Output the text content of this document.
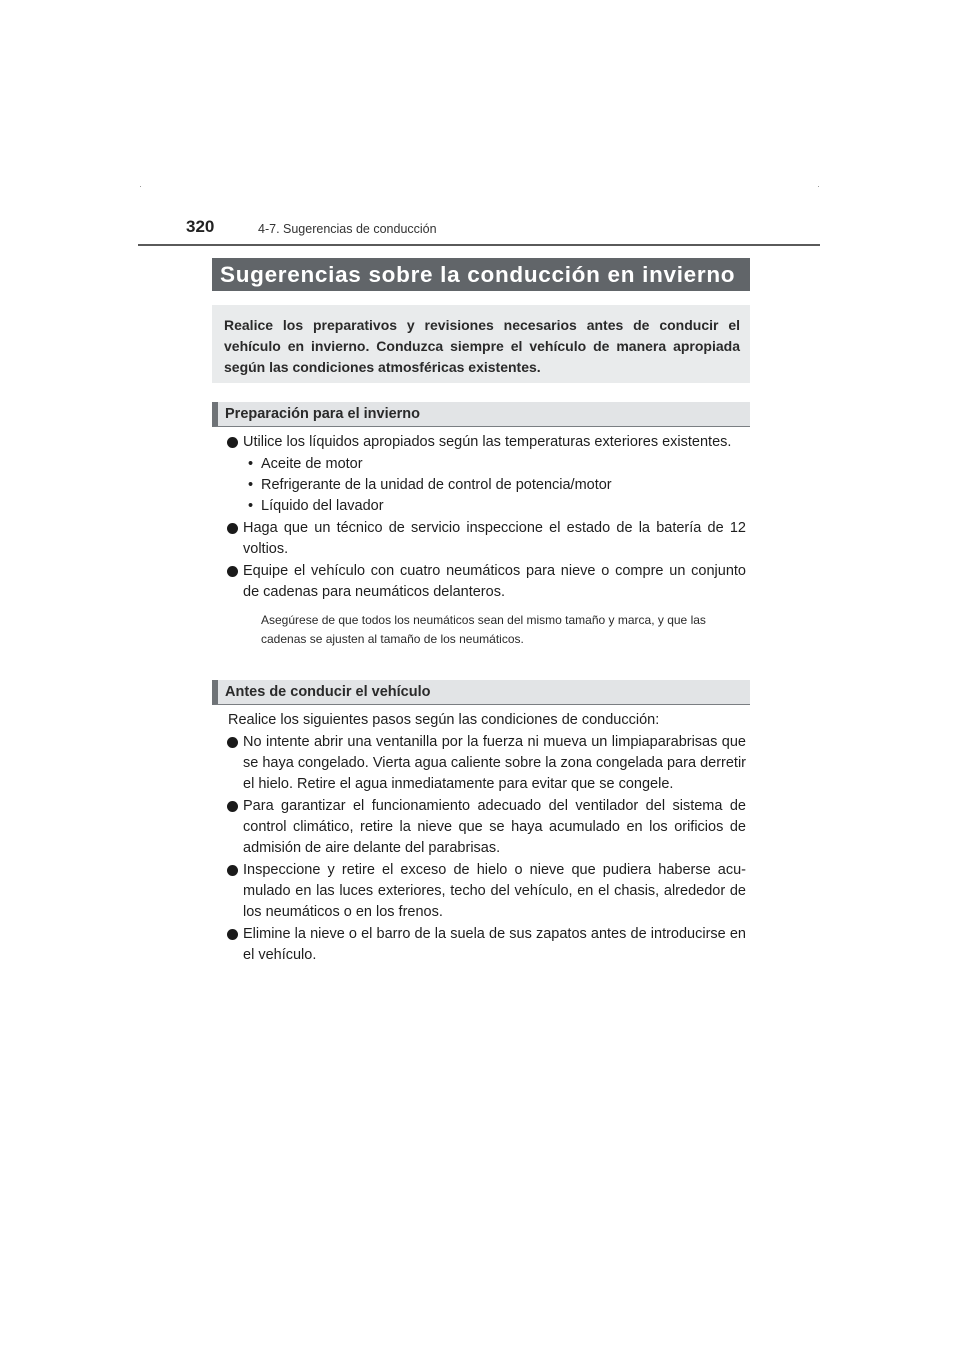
320	4-7. Sugerencias de conducción
Sugerencias sobre la conducción en invierno
Realice los preparativos y revisiones necesarios antes de conducir el vehículo en invierno. Conduzca siempre el vehículo de manera apropiada según las condiciones atmosféricas existentes.
Preparación para el invierno
Utilice los líquidos apropiados según las temperaturas exteriores existentes.
• Aceite de motor
• Refrigerante de la unidad de control de potencia/motor
• Líquido del lavador
Haga que un técnico de servicio inspeccione el estado de la batería de 12 voltios.
Equipe el vehículo con cuatro neumáticos para nieve o compre un conjunto de cadenas para neumáticos delanteros.
Asegúrese de que todos los neumáticos sean del mismo tamaño y marca, y que las cadenas se ajusten al tamaño de los neumáticos.
Antes de conducir el vehículo
Realice los siguientes pasos según las condiciones de conducción:
No intente abrir una ventanilla por la fuerza ni mueva un limpiaparabrisas que se haya congelado. Vierta agua caliente sobre la zona congelada para derretir el hielo. Retire el agua inmediatamente para evitar que se congele.
Para garantizar el funcionamiento adecuado del ventilador del sistema de control climático, retire la nieve que se haya acumulado en los orificios de admisión de aire delante del parabrisas.
Inspeccione y retire el exceso de hielo o nieve que pudiera haberse acumulado en las luces exteriores, techo del vehículo, en el chasis, alrededor de los neumáticos o en los frenos.
Elimine la nieve o el barro de la suela de sus zapatos antes de introducirse en el vehículo.
